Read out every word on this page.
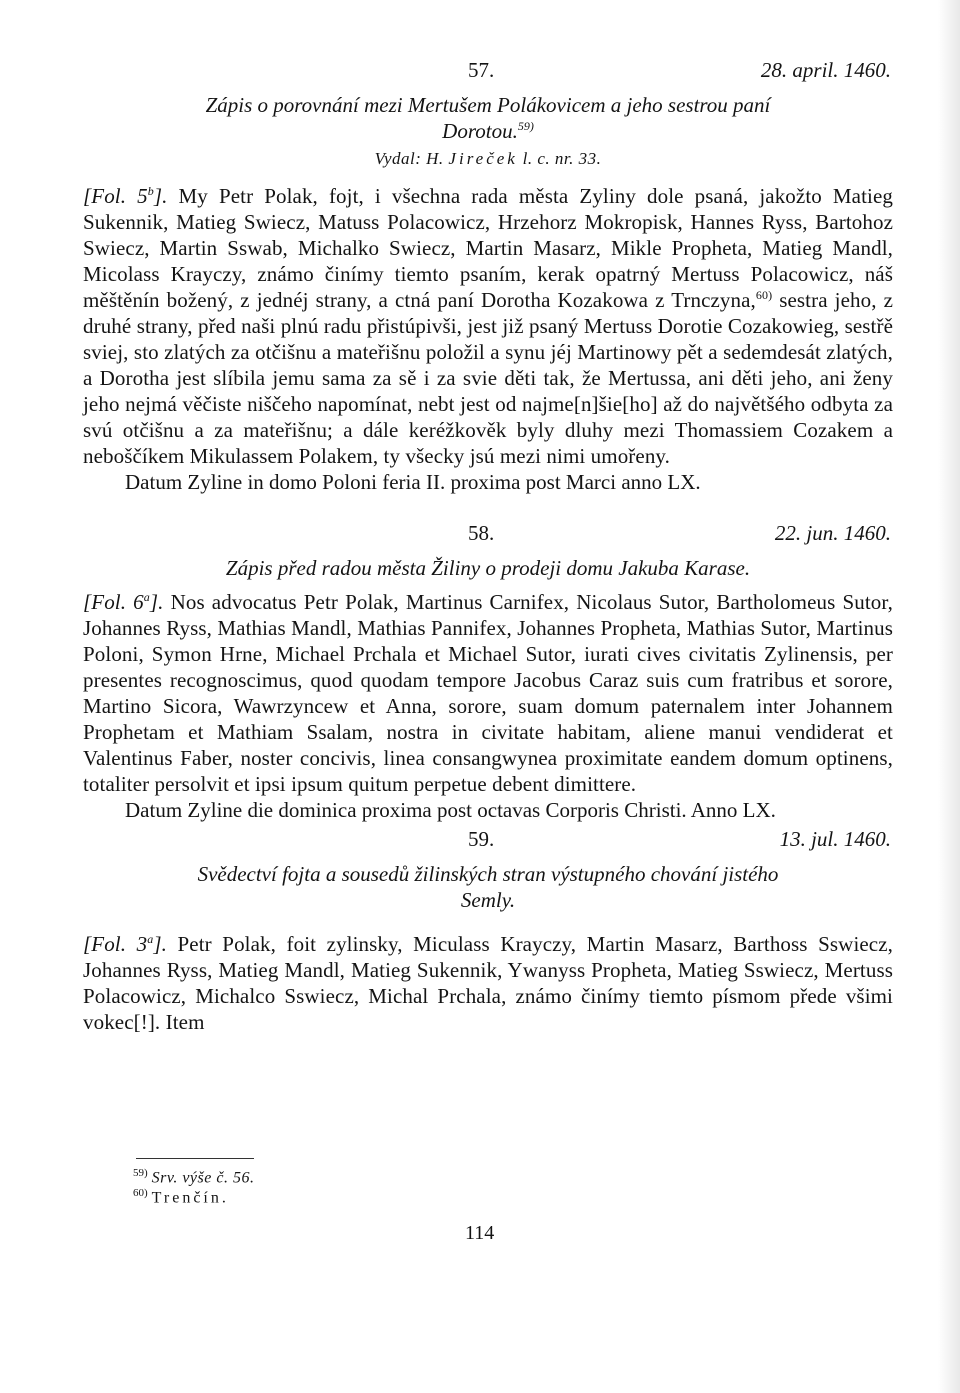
57.	28. april. 1460.

Zápis o porovnání mezi Mertušem Polákovicem a jeho sestrou paní
Dorotou.$^{59)}$

Vydal: H. Jireček l. c. nr. 33.

[Fol. 5$^b$]. My Petr Polak, fojt, i všechna rada města Zyliny dole psaná, jakožto Matieg Sukennik, Matieg Swiecz, Matuss Polacowicz, Hrzehorz Mokropisk, Hannes Ryss, Bartohoz Swiecz, Martin Sswab, Michalko Swiecz, Martin Masarz, Mikle Propheta, Matieg Mandl, Micolass Krayczy, známo činímy tiemto psaním, kerak opatrný Mertuss Polacowicz, náš měštěnín božený, z jednéj strany, a ctná paní Dorotha Kozakowa z Trnczyna,$^{60)}$ sestra jeho, z druhé strany, před naši plnú radu přistúpivši, jest již psaný Mertuss Dorotie Cozakowieg, sestřě sviej, sto zlatých za otčišnu a mateřišnu položil a synu jéj Martinowy pět a sedemdesát zlatých, a Dorotha jest slíbila jemu sama za sě i za svie děti tak, že Mertussa, ani děti jeho, ani ženy jeho nejmá věčiste niščeho napomínat, nebt jest od najme[n]šie[ho] až do najvětšého odbyta za svú otčišnu a za mateřišnu; a dále keréžkověk byly dluhy mezi Thomassiem Cozakem a neboščíkem Mikulassem Polakem, ty všecky jsú mezi nimi umořeny.

Datum Zyline in domo Poloni feria II. proxima post Marci anno LX.

58.	22. jun. 1460.

Zápis před radou města Žiliny o prodeji domu Jakuba Karase.

[Fol. 6$^a$]. Nos advocatus Petr Polak, Martinus Carnifex, Nicolaus Sutor, Bartholomeus Sutor, Johannes Ryss, Mathias Mandl, Mathias Pannifex, Johannes Propheta, Mathias Sutor, Martinus Poloni, Symon Hrne, Michael Prchala et Michael Sutor, iurati cives civitatis Zylinensis, per presentes recognoscimus, quod quodam tempore Jacobus Caraz suis cum fratribus et sorore, Martino Sicora, Wawrzyncew et Anna, sorore, suam domum paternalem inter Johannem Prophetam et Mathiam Ssalam, nostra in civitate habitam, aliene manui vendiderat et Valentinus Faber, noster concivis, linea consangwynea proximitate eandem domum optinens, totaliter persolvit et ipsi ipsum quitum perpetue debent dimittere.

Datum Zyline die dominica proxima post octavas Corporis Christi. Anno LX.

59.	13. jul. 1460.

Svědectví fojta a sousedů žilinských stran výstupného chování jistého
Semly.

[Fol. 3$^a$]. Petr Polak, foit zylinsky, Miculass Krayczy, Martin Masarz, Barthoss Sswiecz, Johannes Ryss, Matieg Mandl, Matieg Sukennik, Ywanyss Propheta, Matieg Sswiecz, Mertuss Polacowicz, Michalco Sswiecz, Michal Prchala, známo činímy tiemto písmom přede všimi vokec[!]. Item

$^{59)}$ Srv. výše č. 56.
$^{60)}$ Trenčín.
114
